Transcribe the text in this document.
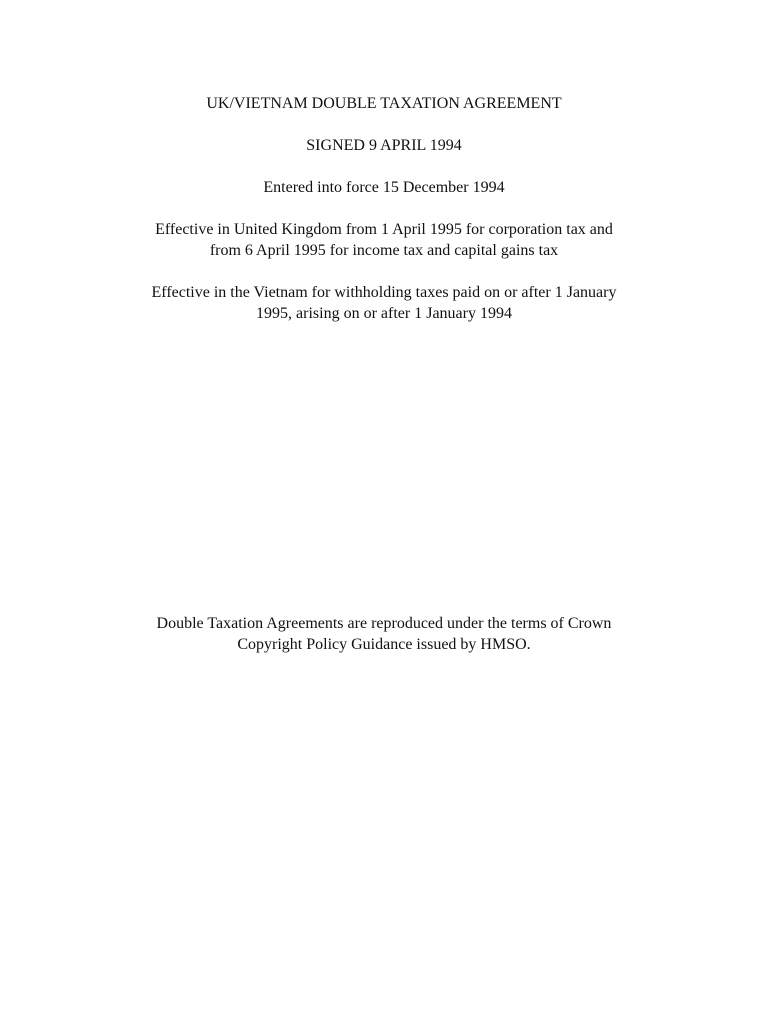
UK/VIETNAM DOUBLE TAXATION AGREEMENT
SIGNED 9 APRIL 1994
Entered into force 15 December 1994
Effective in United Kingdom from 1 April 1995 for corporation tax and
from 6 April 1995 for income tax and capital gains tax
Effective in the Vietnam for withholding taxes paid on or after 1 January
1995, arising on or after 1 January 1994
Double Taxation Agreements are reproduced under the terms of Crown
Copyright Policy Guidance issued by HMSO.
